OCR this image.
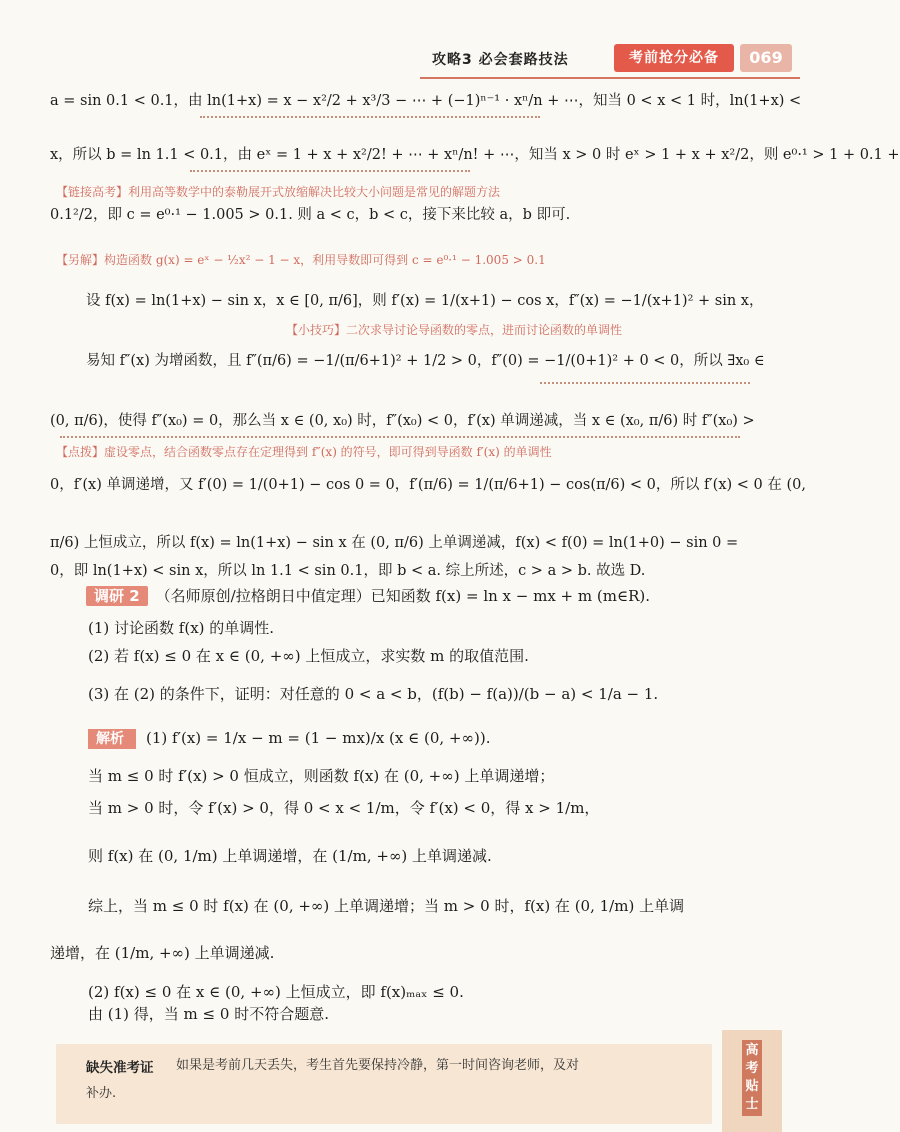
攻略3 必会套路技法	考前抢分必备	069
a = sin 0.1 < 0.1，由 ln(1+x) = x − x²/2 + x³/3 − ⋯ + (−1)ⁿ⁻¹ · xⁿ/n + ⋯，知当 0 < x < 1 时，ln(1+x) <
x，所以 b = ln 1.1 < 0.1，由 eˣ = 1 + x + x²/2! + ⋯ + xⁿ/n! + ⋯，知当 x > 0 时 eˣ > 1 + x + x²/2，则 e⁰·¹ > 1 + 0.1 +
【链接高考】利用高等数学中的泰勒展开式放缩解决比较大小问题是常见的解题方法
0.1²/2，即 c = e⁰·¹ − 1.005 > 0.1. 则 a < c，b < c，接下来比较 a，b 即可.
【另解】构造函数 g(x) = eˣ − ½x² − 1 − x，利用导数即可得到 c = e⁰·¹ − 1.005 > 0.1
设 f(x) = ln(1+x) − sin x，x ∈ [0, π/6]，则 f′(x) = 1/(x+1) − cos x，f″(x) = −1/(x+1)² + sin x，
【小技巧】二次求导讨论导函数的零点，进而讨论函数的单调性
易知 f″(x) 为增函数，且 f″(π/6) = −1/(π/6+1)² + 1/2 > 0，f″(0) = −1/(0+1)² + 0 < 0，所以 ∃x₀ ∈
(0, π/6)，使得 f″(x₀) = 0，那么当 x ∈ (0, x₀) 时，f″(x₀) < 0，f′(x) 单调递减，当 x ∈ (x₀, π/6) 时 f″(x₀) >
【点拨】虚设零点，结合函数零点存在定理得到 f″(x) 的符号，即可得到导函数 f′(x) 的单调性
0，f′(x) 单调递增，又 f′(0) = 1/(0+1) − cos 0 = 0，f′(π/6) = 1/(π/6+1) − cos(π/6) < 0，所以 f′(x) < 0 在 (0,
π/6) 上恒成立，所以 f(x) = ln(1+x) − sin x 在 (0, π/6) 上单调递减，f(x) < f(0) = ln(1+0) − sin 0 =
0，即 ln(1+x) < sin x，所以 ln 1.1 < sin 0.1，即 b < a. 综上所述，c > a > b. 故选 D.
调研 2 （名师原创/拉格朗日中值定理）已知函数 f(x) = ln x − mx + m (m∈R).
(1) 讨论函数 f(x) 的单调性.
(2) 若 f(x) ≤ 0 在 x ∈ (0, +∞) 上恒成立，求实数 m 的取值范围.
(3) 在 (2) 的条件下，证明：对任意的 0 < a < b，(f(b) − f(a))/(b − a) < 1/a − 1.
解析 (1) f′(x) = 1/x − m = (1 − mx)/x (x ∈ (0, +∞)).
当 m ≤ 0 时 f′(x) > 0 恒成立，则函数 f(x) 在 (0, +∞) 上单调递增；
当 m > 0 时，令 f′(x) > 0，得 0 < x < 1/m，令 f′(x) < 0，得 x > 1/m，
则 f(x) 在 (0, 1/m) 上单调递增，在 (1/m, +∞) 上单调递减.
综上，当 m ≤ 0 时 f(x) 在 (0, +∞) 上单调递增；当 m > 0 时，f(x) 在 (0, 1/m) 上单调
递增，在 (1/m, +∞) 上单调递减.
(2) f(x) ≤ 0 在 x ∈ (0, +∞) 上恒成立，即 f(x)ₘₐₓ ≤ 0.
由 (1) 得，当 m ≤ 0 时不符合题意.
缺失准考证 如果是考前几天丢失，考生首先要保持冷静，第一时间咨询老师，及对
补办.
高考贴士
